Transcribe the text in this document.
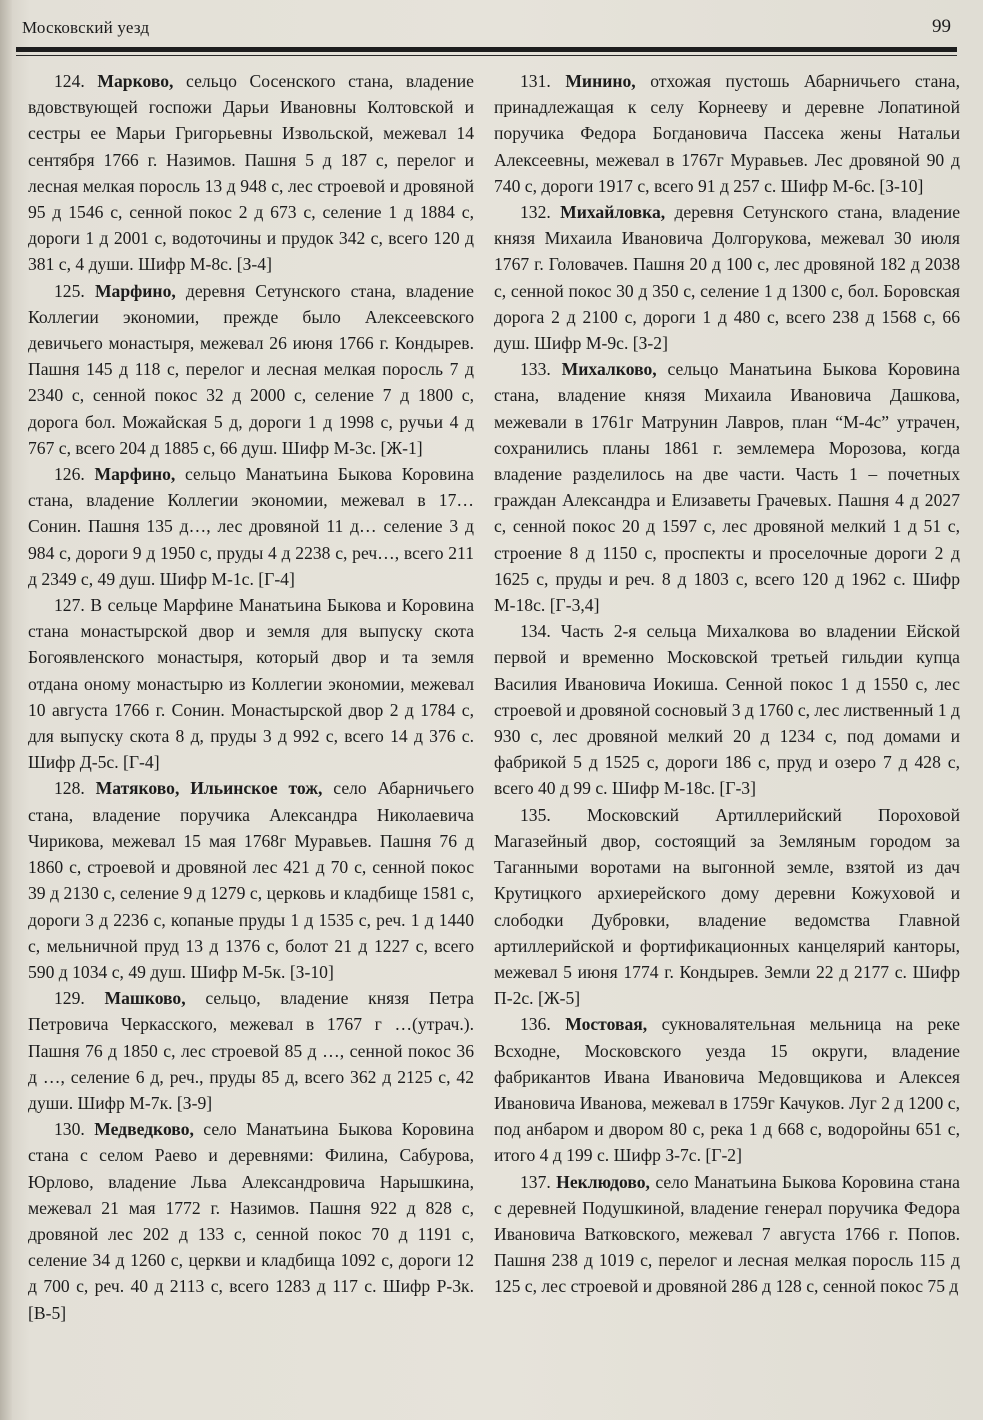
Московский уезд	99

124. Марково, сельцо Сосенского стана, владение вдовствующей госпожи Дарьи Ивановны Колтовской и сестры ее Марьи Григорьевны Извольской, межевал 14 сентября 1766 г. Назимов. Пашня 5 д 187 с, перелог и лесная мелкая поросль 13 д 948 с, лес строевой и дровяной 95 д 1546 с, сенной покос 2 д 673 с, селение 1 д 1884 с, дороги 1 д 2001 с, водоточины и прудок 342 с, всего 120 д 381 с, 4 души. Шифр М-8с. [З-4]

125. Марфино, деревня Сетунского стана, владение Коллегии экономии, прежде было Алексеевского девичьего монастыря, межевал 26 июня 1766 г. Кондырев. Пашня 145 д 118 с, перелог и лесная мелкая поросль 7 д 2340 с, сенной покос 32 д 2000 с, селение 7 д 1800 с, дорога бол. Можайская 5 д, дороги 1 д 1998 с, ручьи 4 д 767 с, всего 204 д 1885 с, 66 душ. Шифр М-3с. [Ж-1]

126. Марфино, сельцо Манатьина Быкова Коровина стана, владение Коллегии экономии, межевал в 17… Сонин. Пашня 135 д…, лес дровяной 11 д… селение 3 д 984 с, дороги 9 д 1950 с, пруды 4 д 2238 с, реч…, всего 211 д 2349 с, 49 душ. Шифр М-1с. [Г-4]

127. В сельце Марфине Манатьина Быкова и Коровина стана монастырской двор и земля для выпуску скота Богоявленского монастыря, который двор и та земля отдана оному монастырю из Коллегии экономии, межевал 10 августа 1766 г. Сонин. Монастырской двор 2 д 1784 с, для выпуску скота 8 д, пруды 3 д 992 с, всего 14 д 376 с. Шифр Д-5с. [Г-4]

128. Матяково, Ильинское тож, село Абарничьего стана, владение поручика Александра Николаевича Чирикова, межевал 15 мая 1768г Муравьев. Пашня 76 д 1860 с, строевой и дровяной лес 421 д 70 с, сенной покос 39 д 2130 с, селение 9 д 1279 с, церковь и кладбище 1581 с, дороги 3 д 2236 с, копаные пруды 1 д 1535 с, реч. 1 д 1440 с, мельничной пруд 13 д 1376 с, болот 21 д 1227 с, всего 590 д 1034 с, 49 душ. Шифр М-5к. [З-10]

129. Машково, сельцо, владение князя Петра Петровича Черкасского, межевал в 1767 г …(утрач.). Пашня 76 д 1850 с, лес строевой 85 д …, сенной покос 36 д …, селение 6 д, реч., пруды 85 д, всего 362 д 2125 с, 42 души. Шифр М-7к. [З-9]

130. Медведково, село Манатьина Быкова Коровина стана с селом Раево и деревнями: Филина, Сабурова, Юрлово, владение Льва Александровича Нарышкина, межевал 21 мая 1772 г. Назимов. Пашня 922 д 828 с, дровяной лес 202 д 133 с, сенной покос 70 д 1191 с, селение 34 д 1260 с, церкви и кладбища 1092 с, дороги 12 д 700 с, реч. 40 д 2113 с, всего 1283 д 117 с. Шифр Р-3к. [В-5]

131. Минино, отхожая пустошь Абарничьего стана, принадлежащая к селу Корнееву и деревне Лопатиной поручика Федора Богдановича Пассека жены Натальи Алексеевны, межевал в 1767г Муравьев. Лес дровяной 90 д 740 с, дороги 1917 с, всего 91 д 257 с. Шифр М-6с. [З-10]

132. Михайловка, деревня Сетунского стана, владение князя Михаила Ивановича Долгорукова, межевал 30 июля 1767 г. Головачев. Пашня 20 д 100 с, лес дровяной 182 д 2038 с, сенной покос 30 д 350 с, селение 1 д 1300 с, бол. Боровская дорога 2 д 2100 с, дороги 1 д 480 с, всего 238 д 1568 с, 66 душ. Шифр М-9с. [З-2]

133. Михалково, сельцо Манатьина Быкова Коровина стана, владение князя Михаила Ивановича Дашкова, межевали в 1761г Матрунин Лавров, план “М-4с” утрачен, сохранились планы 1861 г. землемера Морозова, когда владение разделилось на две части. Часть 1 – почетных граждан Александра и Елизаветы Грачевых. Пашня 4 д 2027 с, сенной покос 20 д 1597 с, лес дровяной мелкий 1 д 51 с, строение 8 д 1150 с, проспекты и проселочные дороги 2 д 1625 с, пруды и реч. 8 д 1803 с, всего 120 д 1962 с. Шифр М-18с. [Г-3,4]

134. Часть 2-я сельца Михалкова во владении Ейской первой и временно Московской третьей гильдии купца Василия Ивановича Иокиша. Сенной покос 1 д 1550 с, лес строевой и дровяной сосновый 3 д 1760 с, лес лиственный 1 д 930 с, лес дровяной мелкий 20 д 1234 с, под домами и фабрикой 5 д 1525 с, дороги 186 с, пруд и озеро 7 д 428 с, всего 40 д 99 с. Шифр М-18с. [Г-3]

135. Московский Артиллерийский Пороховой Магазейный двор, состоящий за Земляным городом за Таганными воротами на выгонной земле, взятой из дач Крутицкого архиерейского дому деревни Кожуховой и слободки Дубровки, владение ведомства Главной артиллерийской и фортификационных канцелярий канторы, межевал 5 июня 1774 г. Кондырев. Земли 22 д 2177 с. Шифр П-2с. [Ж-5]

136. Мостовая, сукновалятельная мельница на реке Всходне, Московского уезда 15 округи, владение фабрикантов Ивана Ивановича Медовщикова и Алексея Ивановича Иванова, межевал в 1759г Качуков. Луг 2 д 1200 с, под анбаром и двором 80 с, река 1 д 668 с, водоройны 651 с, итого 4 д 199 с. Шифр З-7с. [Г-2]

137. Неклюдово, село Манатьина Быкова Коровина стана с деревней Подушкиной, владение генерал поручика Федора Ивановича Ватковского, межевал 7 августа 1766 г. Попов. Пашня 238 д 1019 с, перелог и лесная мелкая поросль 115 д 125 с, лес строевой и дровяной 286 д 128 с, сенной покос 75 д
